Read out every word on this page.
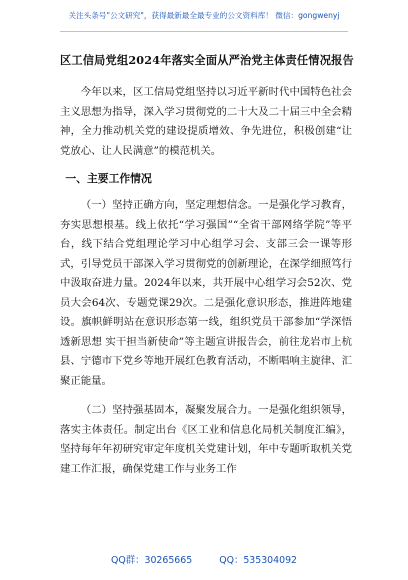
关注头条号"公文研究"，获得最新最全最专业的公文资料库！ 微信：gongwenyj
区工信局党组2024年落实全面从严治党主体责任情况报告

今年以来，区工信局党组坚持以习近平新时代中国特色社会主义思想为指导，深入学习贯彻党的二十大及二十届三中全会精神，全力推动机关党的建设提质增效、争先进位，积极创建“让党放心、让人民满意”的模范机关。

一、主要工作情况

（一）坚持正确方向，坚定理想信念。一是强化学习教育，夯实思想根基。线上依托“学习强国”“全省干部网络学院”等平台，线下结合党组理论学习中心组学习会、支部三会一课等形式，引导党员干部深入学习贯彻党的创新理论，在深学细照笃行中汲取奋进力量。2024年以来，共开展中心组学习会52次、党员大会64次、专题党课29次。二是强化意识形态，推进阵地建设。旗帜鲜明站在意识形态第一线，组织党员干部参加“学深悟透新思想 实干担当新使命”等主题宣讲报告会，前往龙岩市上杭县、宁德市下党乡等地开展红色教育活动，不断唱响主旋律、汇聚正能量。

（二）坚持强基固本，凝聚发展合力。一是强化组织领导，落实主体责任。制定出台《区工业和信息化局机关制度汇编》，坚持每年年初研究审定年度机关党建计划，年中专题听取机关党建工作汇报，确保党建工作与业务工作

QQ群：30265665	QQ：535304092
